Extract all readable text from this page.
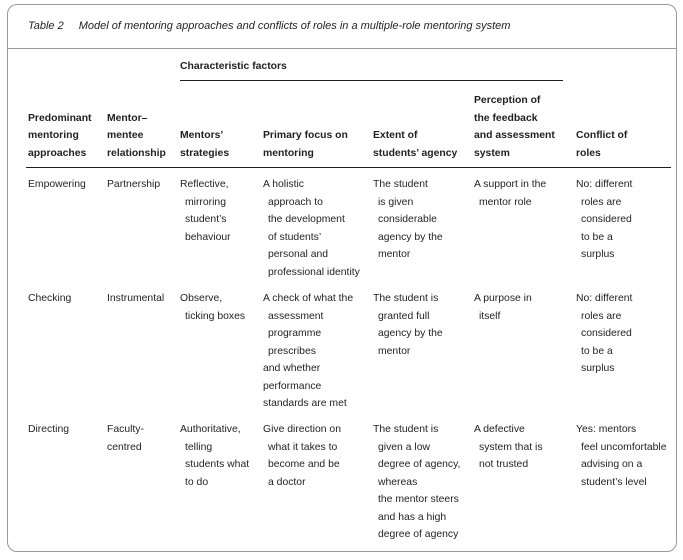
Table 2 Model of mentoring approaches and conflicts of roles in a multiple-role mentoring system
Characteristic factors
Predominant
mentoring
approaches
Mentor–
mentee
relationship
Mentors’
strategies
Primary focus on
mentoring
Extent of
students’ agency
Perception of
the feedback
and assessment
system
Conflict of
roles
Empowering Partnership Reflective,
mirroring
student’s
behaviour
A holistic
approach to
the development
of students’
personal and
professional identity
The student
is given
considerable
agency by the
mentor
A support in the
mentor role
No: different
roles are
considered
to be a
surplus
Checking	Instrumental Observe,
ticking boxes
A check of what the
assessment
programme
prescribes
and whether
performance
standards are met
The student is
granted full
agency by the
mentor
A purpose in
itself
No: different
roles are
considered
to be a
surplus
Directing	Faculty-
centred
Authoritative,
telling
students what
to do
Give direction on
what it takes to
become and be
a doctor
The student is
given a low
degree of agency,
whereas
the mentor steers
and has a high
degree of agency
A defective
system that is
not trusted
Yes: mentors
feel uncomfortable
advising on a
student’s level
